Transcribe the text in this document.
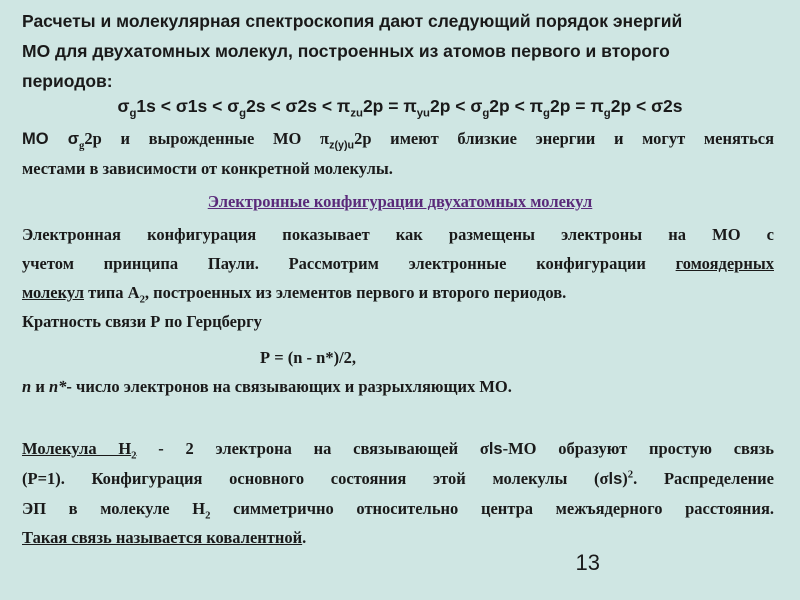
Расчеты и молекулярная спектроскопия дают следующий порядок энергий
МО для двухатомных молекул, построенных из атомов первого и второго
периодов:

$\sigma_g1s < \sigma 1s < \sigma_g2s < \sigma 2s < \pi_{zu}2p = \pi_{yu}2p < \sigma_g2p < \pi_g2p = \pi_g2p < \sigma 2s$

МО $\sigma_g2p$ и вырожденные МО $\pi_{z(y)u}2p$ имеют близкие энергии и могут меняться
местами в зависимости от конкретной молекулы.

Электронные конфигурации двухатомных молекул

Электронная конфигурация показывает как размещены электроны на МО с
учетом принципа Паули. Рассмотрим электронные конфигурации гомоядерных
молекул типа $А_2$, построенных из элементов первого и второго периодов.
Кратность связи Р по Герцбергу

Р = (n - n*)/2,

n и n*- число электронов на связывающих и разрыхляющих МО.

Молекула $Н_2 - 2$ электрона на связывающей σls-МО образуют простую связь
(Р=1). Конфигурация основного состояния этой молекулы $(\sigma ls)^2$. Распределение
ЭП в молекуле $Н_2$ симметрично относительно центра межъядерного расстояния.
Такая связь называется ковалентной.

13
